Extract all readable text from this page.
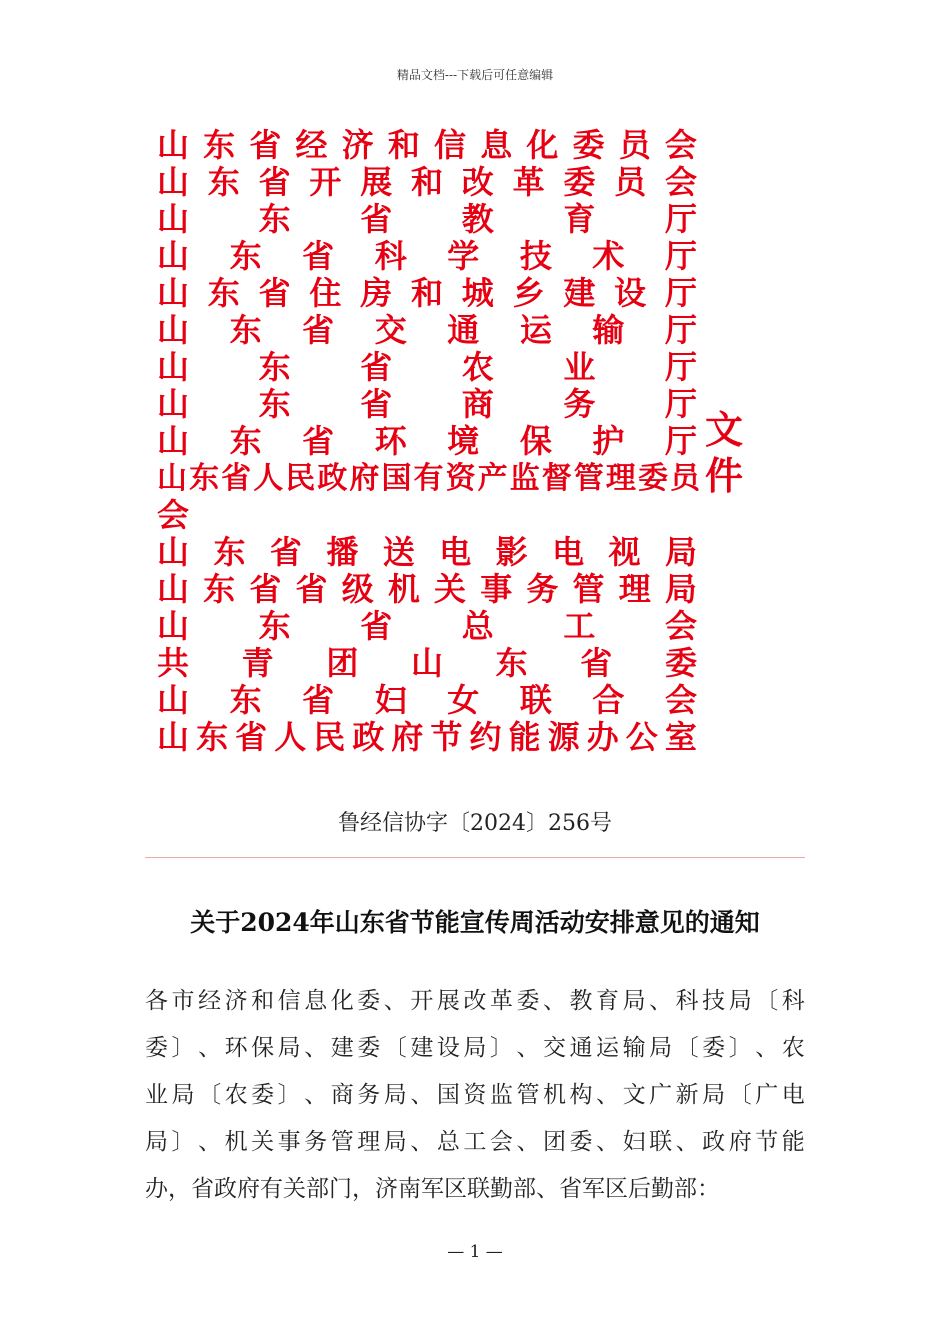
精品文档---下载后可任意编辑
山 东 省 经 济 和 信 息 化 委 员 会
山 东 省 开 展 和 改 革 委 员 会
山 东 省 教 育 厅
山 东 省 科 学 技 术 厅
山 东 省 住 房 和 城 乡 建 设 厅
山 东 省 交 通 运 输 厅
山 东 省 农 业 厅
山 东 省 商 务 厅
山 东 省 环 境 保 护 厅
山 东 省 人 民 政 府 国 有 资 产 监 督 管 理 委 员
会
山 东 省 播 送 电 影 电 视 局
山 东 省 省 级 机 关 事 务 管 理 局
山 东 省 总 工 会
共 青 团 山 东 省 委
山 东 省 妇 女 联 合 会
山 东 省 人 民 政 府 节 约 能 源 办 公 室
文件
鲁经信协字〔2024〕256号
关于2024年山东省节能宣传周活动安排意见的通知
各 市 经 济 和 信 息 化 委 、 开 展 改 革 委 、 教 育 局 、 科 技 局 〔 科
委 〕 、 环 保 局 、 建 委 〔 建 设 局 〕 、 交 通 运 输 局 〔 委 〕 、 农
业 局 〔 农 委 〕 、 商 务 局 、 国 资 监 管 机 构 、 文 广 新 局 〔 广 电
局 〕 、 机 关 事 务 管 理 局 、 总 工 会 、 团 委 、 妇 联 、 政 府 节 能
办 ， 省 政 府 有 关 部 门 ， 济 南 军 区 联 勤 部 、 省 军 区 后 勤 部 ：
— 1 —
